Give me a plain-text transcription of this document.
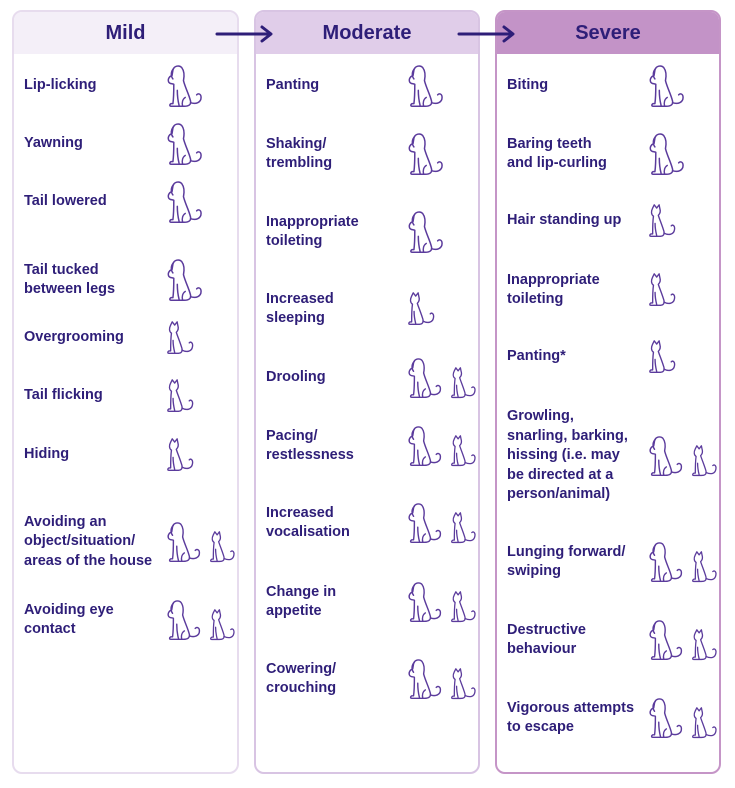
Mild
Lip-licking
Yawning
Tail lowered
Tail tucked
between legs
Overgrooming
Tail flicking
Hiding
Avoiding an
object/situation/
areas of the house
Avoiding eye
contact
Moderate
Panting
Shaking/
trembling
Inappropriate
toileting
Increased
sleeping
Drooling
Pacing/
restlessness
Increased
vocalisation
Change in
appetite
Cowering/
crouching
Severe
Biting
Baring teeth
and lip-curling
Hair standing up
Inappropriate
toileting
Panting*
Growling,
snarling, barking,
hissing (i.e. may
be directed at a
person/animal)
Lunging forward/
swiping
Destructive
behaviour
Vigorous attempts
to escape
